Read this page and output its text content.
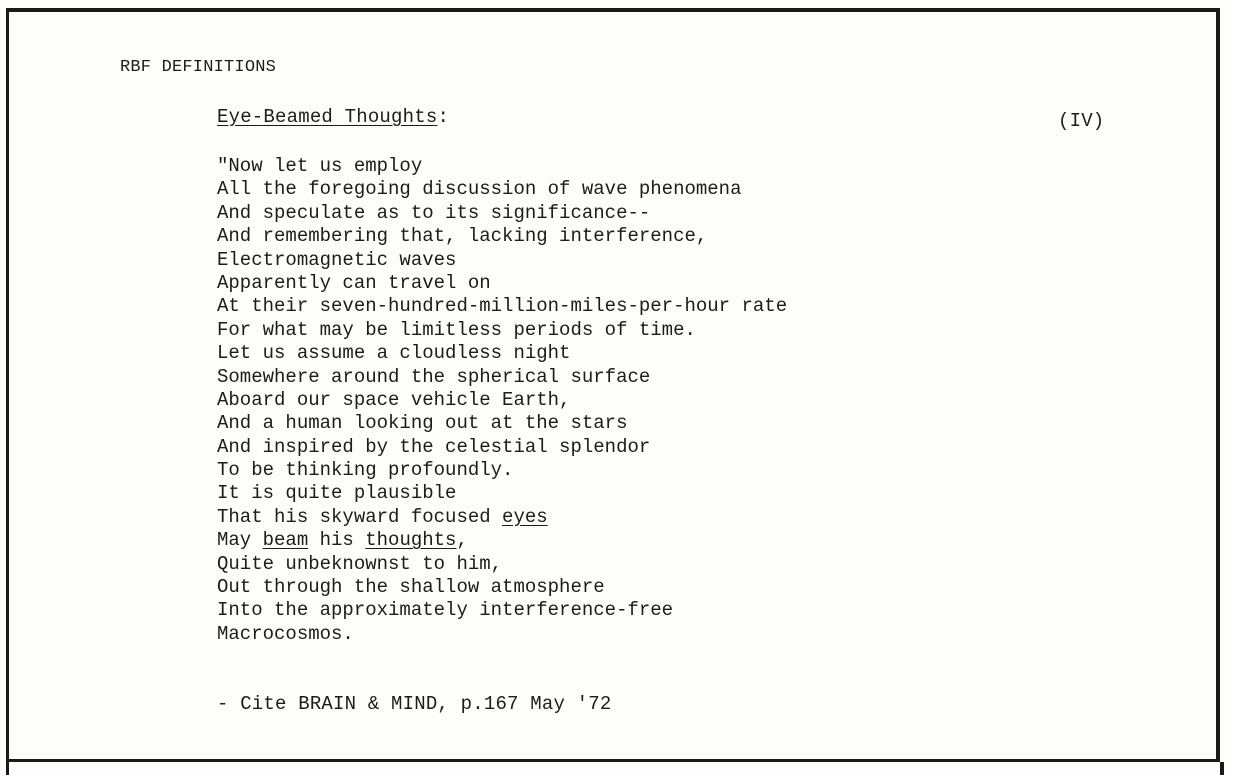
RBF DEFINITIONS
Eye-Beamed Thoughts:	(IV)
"Now let us employ
All the foregoing discussion of wave phenomena
And speculate as to its significance--
And remembering that, lacking interference,
Electromagnetic waves
Apparently can travel on
At their seven-hundred-million-miles-per-hour rate
For what may be limitless periods of time.
Let us assume a cloudless night
Somewhere around the spherical surface
Aboard our space vehicle Earth,
And a human looking out at the stars
And inspired by the celestial splendor
To be thinking profoundly.
It is quite plausible
That his skyward focused eyes
May beam his thoughts,
Quite unbeknownst to him,
Out through the shallow atmosphere
Into the approximately interference-free
Macrocosmos.
- Cite BRAIN & MIND, p.167 May '72
